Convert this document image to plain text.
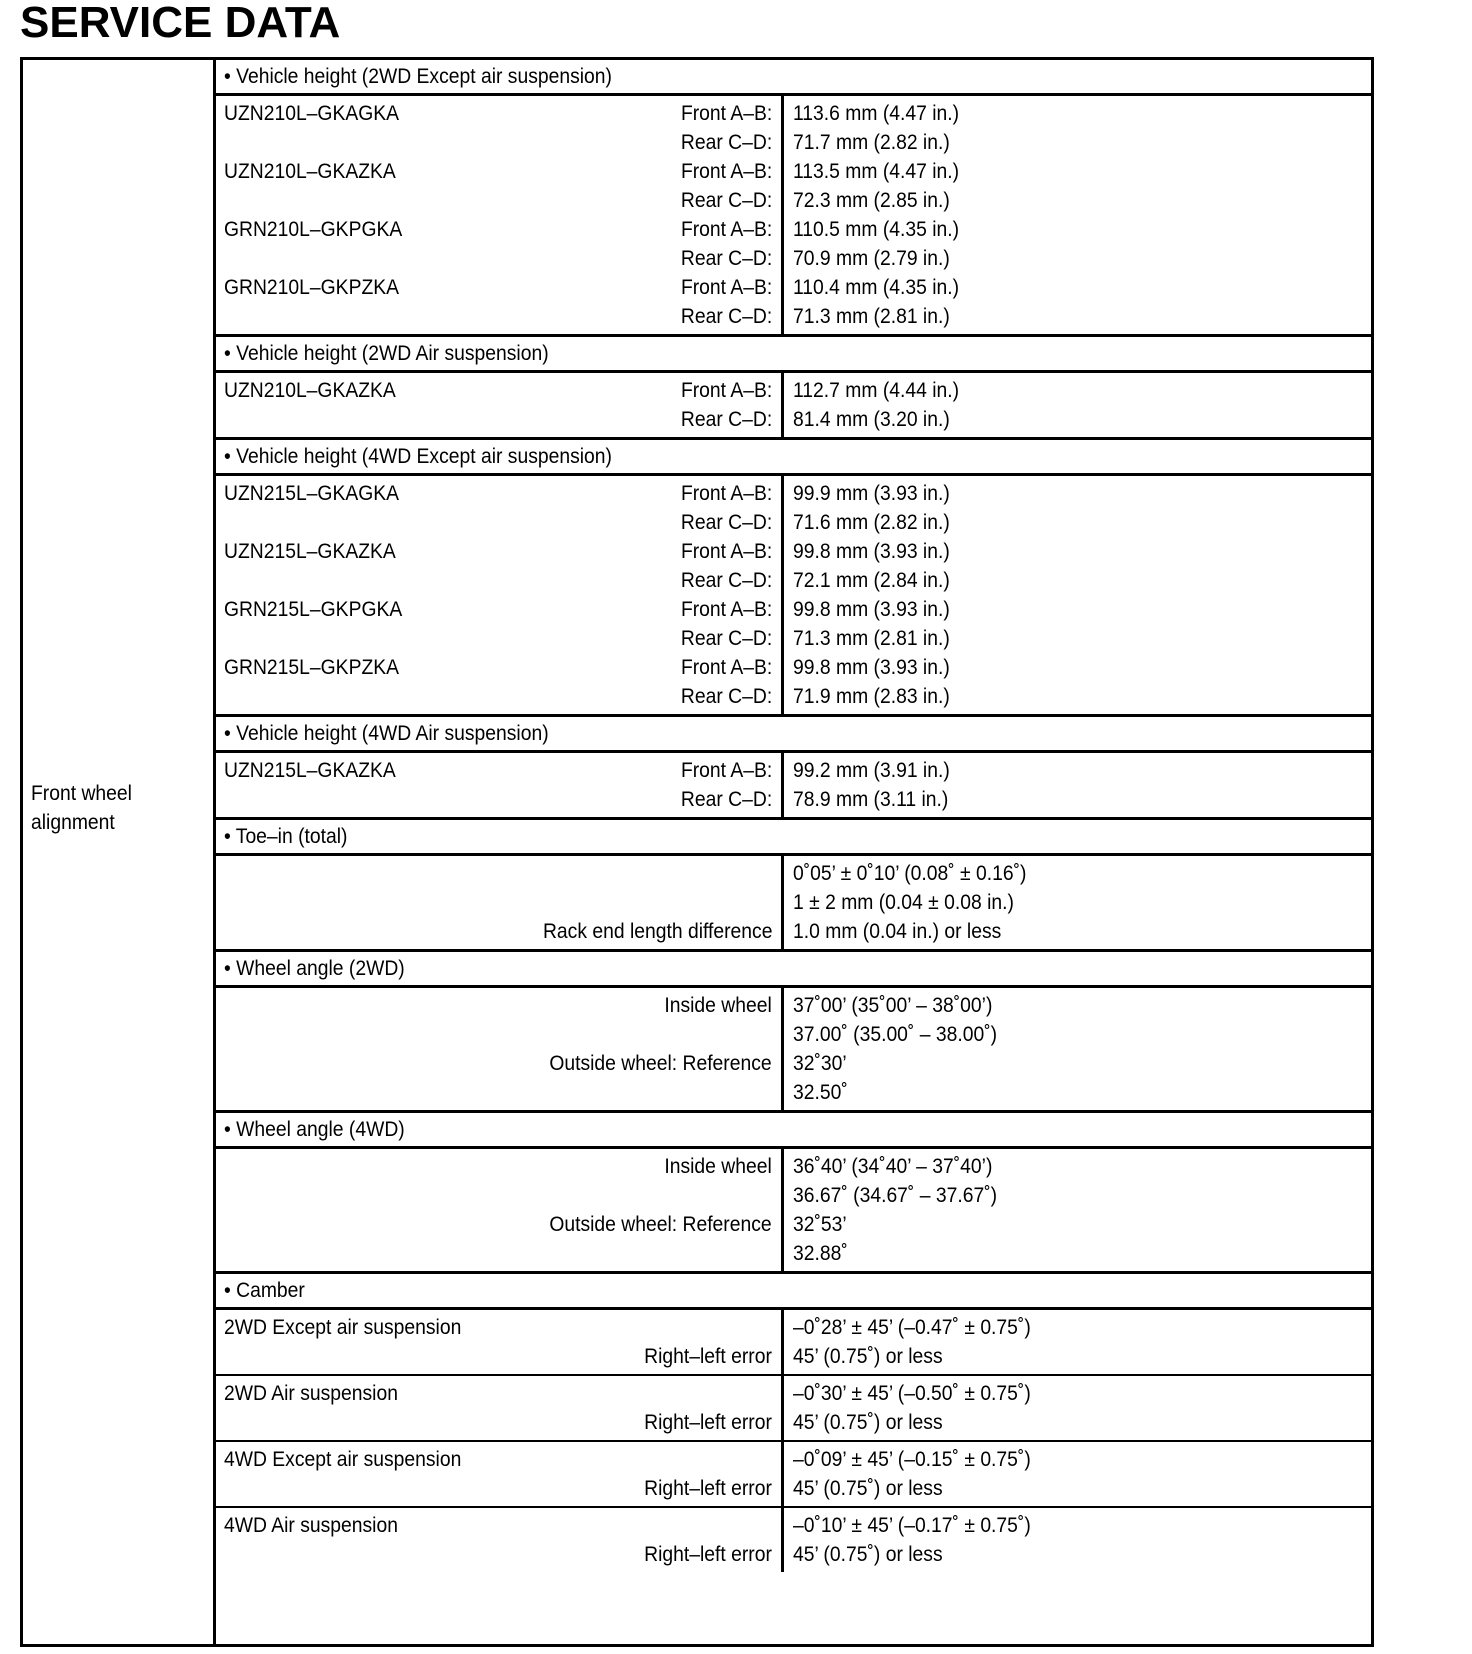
SERVICE DATA
Front wheel
alignment
• Vehicle height (2WD Except air suspension)
UZN210L–GKAGKA	Front A–B: 113.6 mm (4.47 in.)
Rear C–D: 71.7 mm (2.82 in.)
UZN210L–GKAZKA	Front A–B: 113.5 mm (4.47 in.)
Rear C–D: 72.3 mm (2.85 in.)
GRN210L–GKPGKA	Front A–B: 110.5 mm (4.35 in.)
Rear C–D: 70.9 mm (2.79 in.)
GRN210L–GKPZKA	Front A–B: 110.4 mm (4.35 in.)
Rear C–D: 71.3 mm (2.81 in.)
• Vehicle height (2WD Air suspension)
UZN210L–GKAZKA	Front A–B: 112.7 mm (4.44 in.)
Rear C–D: 81.4 mm (3.20 in.)
• Vehicle height (4WD Except air suspension)
UZN215L–GKAGKA	Front A–B: 99.9 mm (3.93 in.)
Rear C–D: 71.6 mm (2.82 in.)
UZN215L–GKAZKA	Front A–B: 99.8 mm (3.93 in.)
Rear C–D: 72.1 mm (2.84 in.)
GRN215L–GKPGKA	Front A–B: 99.8 mm (3.93 in.)
Rear C–D: 71.3 mm (2.81 in.)
GRN215L–GKPZKA	Front A–B: 99.8 mm (3.93 in.)
Rear C–D: 71.9 mm (2.83 in.)
• Vehicle height (4WD Air suspension)
UZN215L–GKAZKA	Front A–B: 99.2 mm (3.91 in.)
Rear C–D: 78.9 mm (3.11 in.)
• Toe–in (total)
0˚05’ ± 0˚10’ (0.08˚ ± 0.16˚)
1 ± 2 mm (0.04 ± 0.08 in.)
Rack end length difference 1.0 mm (0.04 in.) or less
• Wheel angle (2WD)
Inside wheel 37˚00’ (35˚00’ – 38˚00’)
37.00˚ (35.00˚ – 38.00˚)
Outside wheel: Reference 32˚30’
32.50˚
• Wheel angle (4WD)
Inside wheel 36˚40’ (34˚40’ – 37˚40’)
36.67˚ (34.67˚ – 37.67˚)
Outside wheel: Reference 32˚53’
32.88˚
• Camber
2WD Except air suspension	–0˚28’ ± 45’ (–0.47˚ ± 0.75˚)
Right–left error 45’ (0.75˚) or less
2WD Air suspension	–0˚30’ ± 45’ (–0.50˚ ± 0.75˚)
Right–left error 45’ (0.75˚) or less
4WD Except air suspension	–0˚09’ ± 45’ (–0.15˚ ± 0.75˚)
Right–left error 45’ (0.75˚) or less
4WD Air suspension	–0˚10’ ± 45’ (–0.17˚ ± 0.75˚)
Right–left error 45’ (0.75˚) or less
